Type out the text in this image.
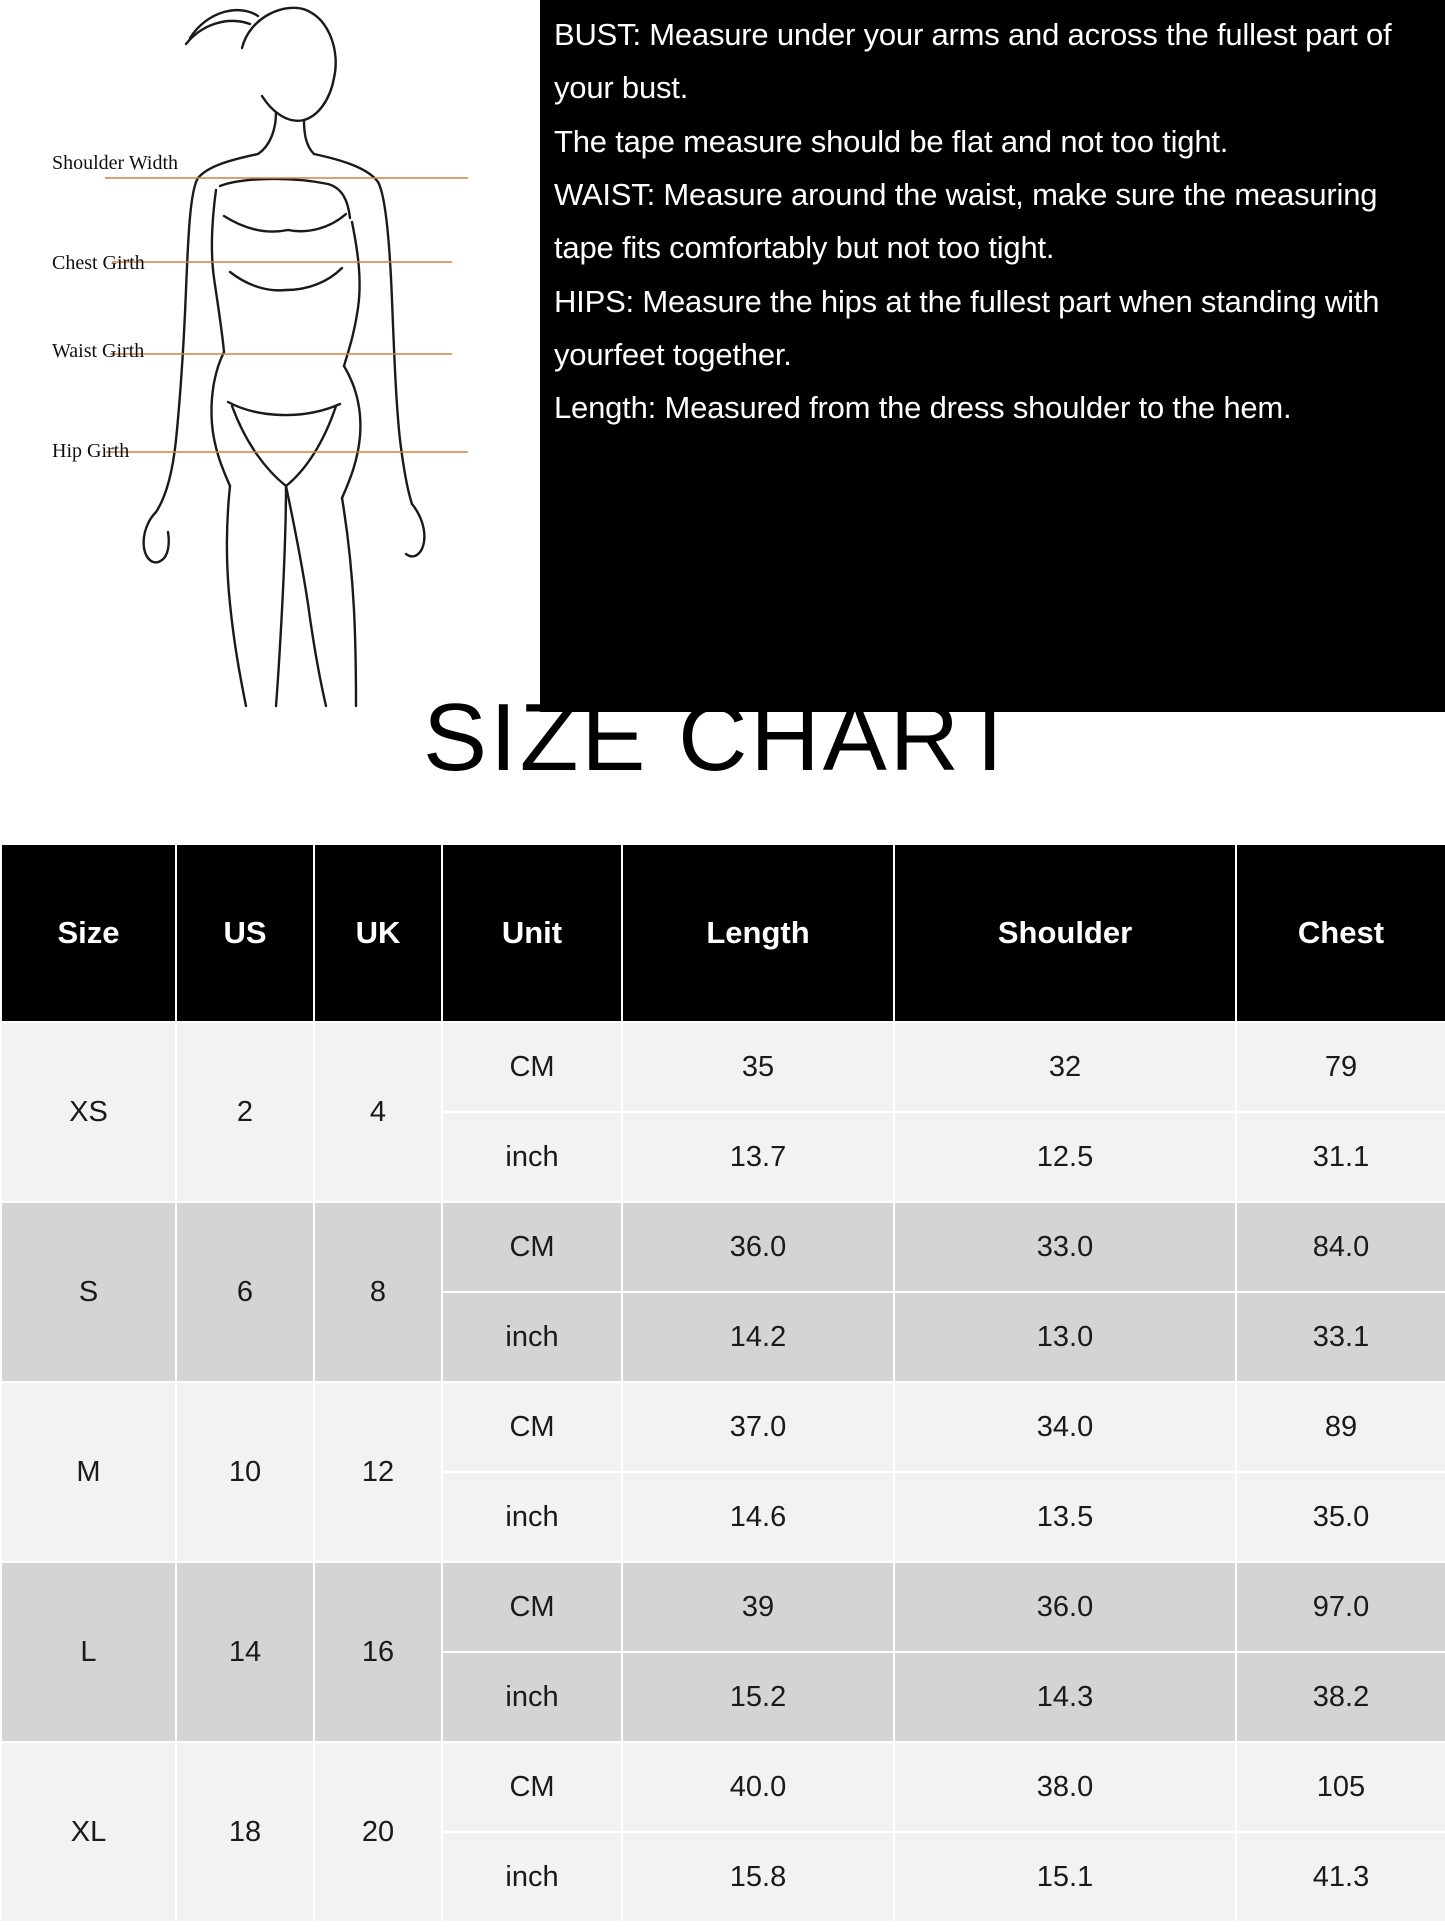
Shoulder Width
Chest Girth
Waist Girth
Hip Girth

BUST: Measure under your arms and across the fullest part of your bust.

The tape measure should be flat and not too tight.

WAIST: Measure around the waist, make sure the measuring tape fits comfortably but not too tight.

HIPS: Measure the hips at the fullest part when standing with yourfeet together.

Length: Measured from the dress shoulder to the hem.

SIZE CHART
Size	US	UK	Unit	Length	Shoulder	Chest
XS	2	4	CM	35	32	79
			inch	13.7	12.5	31.1
S	6	8	CM	36.0	33.0	84.0
			inch	14.2	13.0	33.1
M	10	12	CM	37.0	34.0	89
			inch	14.6	13.5	35.0
L	14	16	CM	39	36.0	97.0
			inch	15.2	14.3	38.2
XL	18	20	CM	40.0	38.0	105
			inch	15.8	15.1	41.3
